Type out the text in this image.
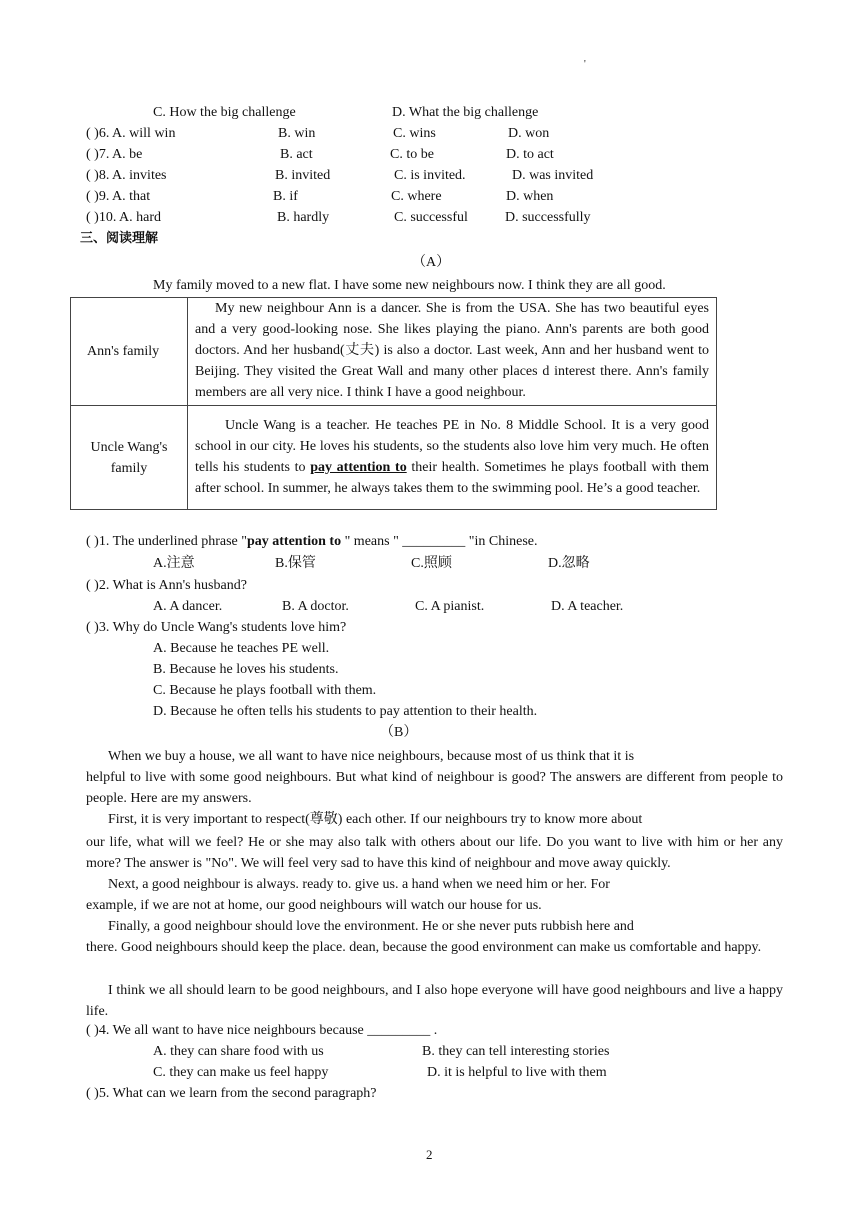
'
C. How the big challenge	D. What the big challenge
( )6. A. will win	B. win	C. wins	D. won
( )7. A. be	B. act	C. to be	D. to act
( )8. A. invites	B. invited	C. is invited.	D. was invited
( )9. A. that	B. if	C. where	D. when
( )10. A. hard	B. hardly	C. successful	D. successfully
三、阅读理解
（A）
My family moved to a new flat. I have some new neighbours now. I think they are all good.
Ann's family	My new neighbour Ann is a dancer. She is from the USA. She has two beautiful eyes and a very good-looking nose. She likes playing the piano. Ann's parents are both good doctors. And her husband(丈夫) is also a doctor. Last week, Ann and her husband went to Beijing. They visited the Great Wall and many other places d interest there. Ann's family members are all very nice. I think I have a good neighbour.

Uncle Wang's family	Uncle Wang is a teacher. He teaches PE in No. 8 Middle School. It is a very good school in our city. He loves his students, so the students also love him very much. He often tells his students to pay attention to their health. Sometimes he plays football with them after school. In summer, he always takes them to the swimming pool. He’s a good teacher.
( )1. The underlined phrase "pay attention to " means " _________ "in Chinese.
A.注意	B.保管	C.照顾	D.忽略
( )2. What is Ann's husband?
A. A dancer.	B. A doctor.	C. A pianist.	D. A teacher.
( )3. Why do Uncle Wang's students love him?
A. Because he teaches PE well.
B. Because he loves his students.
C. Because he plays football with them.
D. Because he often tells his students to pay attention to their health.
（B）
When we buy a house, we all want to have nice neighbours, because most of us think that it is
helpful to live with some good neighbours. But what kind of neighbour is good? The answers are different from people to people. Here are my answers.
First, it is very important to respect(尊敬) each other. If our neighbours try to know more about
our life, what will we feel? He or she may also talk with others about our life. Do you want to live with him or her any more? The answer is "No". We will feel very sad to have this kind of neighbour and move away quickly.
Next, a good neighbour is always. ready to. give us. a hand when we need him or her. For
example, if we are not at home, our good neighbours will watch our house for us.
Finally, a good neighbour should love the environment. He or she never puts rubbish here and
there. Good neighbours should keep the place. dean, because the good environment can make us comfortable and happy.
I think we all should learn to be good neighbours, and I also hope everyone will have good neighbours and live a happy life.
( )4. We all want to have nice neighbours because _________ .
A. they can share food with us	B. they can tell interesting stories
C. they can make us feel happy	D. it is helpful to live with them
( )5. What can we learn from the second paragraph?
2
